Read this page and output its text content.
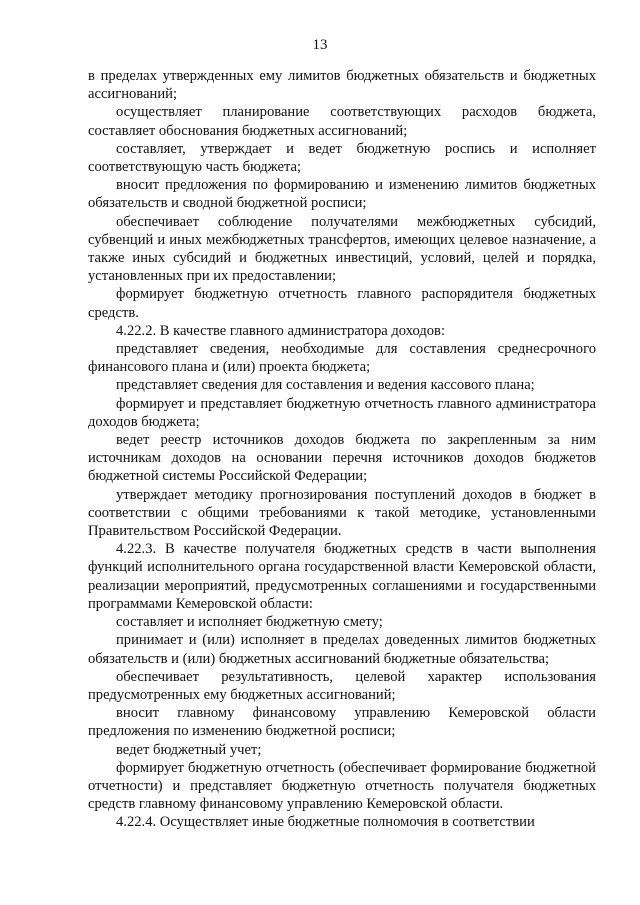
13

в пределах утвержденных ему лимитов бюджетных обязательств и бюджетных ассигнований;

осуществляет планирование соответствующих расходов бюджета, составляет обоснования бюджетных ассигнований;

составляет, утверждает и ведет бюджетную роспись и исполняет соответствующую часть бюджета;

вносит предложения по формированию и изменению лимитов бюджетных обязательств и сводной бюджетной росписи;

обеспечивает соблюдение получателями межбюджетных субсидий, субвенций и иных межбюджетных трансфертов, имеющих целевое назначение, а также иных субсидий и бюджетных инвестиций, условий, целей и порядка, установленных при их предоставлении;

формирует бюджетную отчетность главного распорядителя бюджетных средств.

4.22.2. В качестве главного администратора доходов:

представляет сведения, необходимые для составления среднесрочного финансового плана и (или) проекта бюджета;

представляет сведения для составления и ведения кассового плана;

формирует и представляет бюджетную отчетность главного администратора доходов бюджета;

ведет реестр источников доходов бюджета по закрепленным за ним источникам доходов на основании перечня источников доходов бюджетов бюджетной системы Российской Федерации;

утверждает методику прогнозирования поступлений доходов в бюджет в соответствии с общими требованиями к такой методике, установленными Правительством Российской Федерации.

4.22.3. В качестве получателя бюджетных средств в части выполнения функций исполнительного органа государственной власти Кемеровской области, реализации мероприятий, предусмотренных соглашениями и государственными программами Кемеровской области:

составляет и исполняет бюджетную смету;

принимает и (или) исполняет в пределах доведенных лимитов бюджетных обязательств и (или) бюджетных ассигнований бюджетные обязательства;

обеспечивает результативность, целевой характер использования предусмотренных ему бюджетных ассигнований;

вносит главному финансовому управлению Кемеровской области предложения по изменению бюджетной росписи;

ведет бюджетный учет;

формирует бюджетную отчетность (обеспечивает формирование бюджетной отчетности) и представляет бюджетную отчетность получателя бюджетных средств главному финансовому управлению Кемеровской области.

4.22.4. Осуществляет иные бюджетные полномочия в соответствии
